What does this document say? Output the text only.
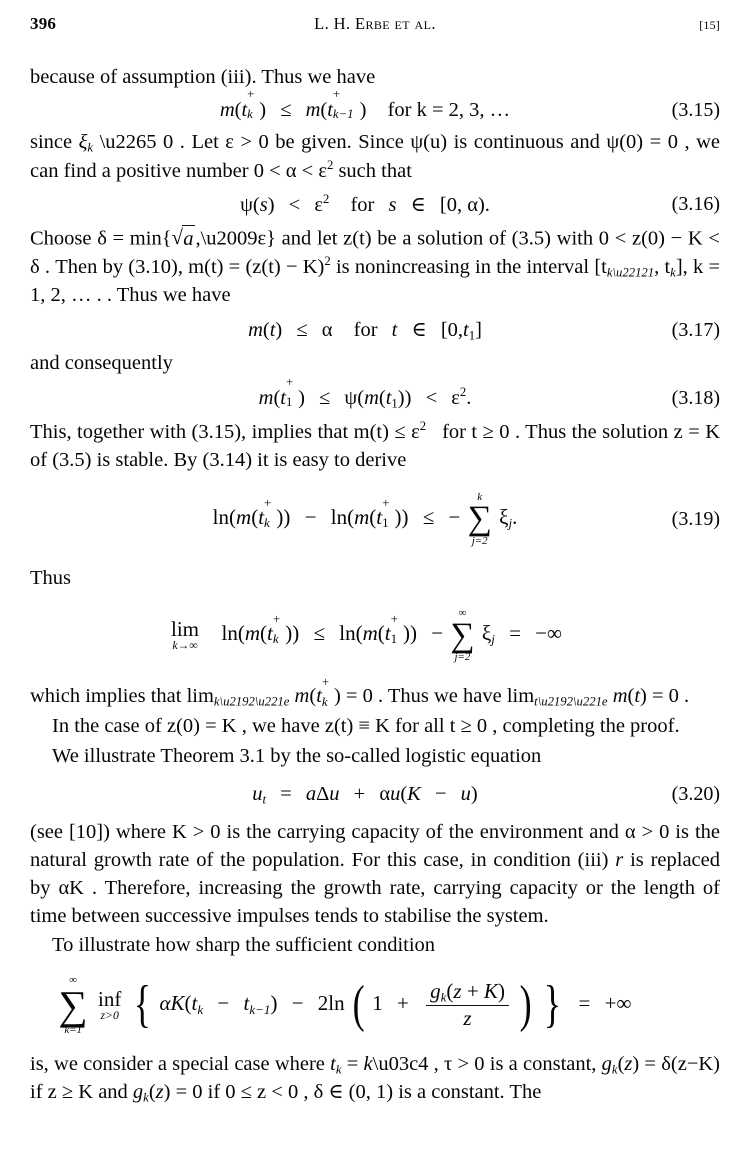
396	L. H. Erbe et al.	[15]

because of assumption (iii). Thus we have

m(t
+
k ) ≤ m(t
+
k−1 ) for k = 2, 3, …	(3.15)

since $\xi_k$ \u2265 0 . Let ε > 0 be given. Since ψ(u) is continuous and ψ(0) = 0 , we can find a positive number $0 < \alpha < \varepsilon^2$ such that

$\psi(s) < \varepsilon^2$ for s ∈ [0, α).	(3.16)

Choose δ = min{ √ a,\u2009ε} and let z(t) be a solution of (3.5) with 0 < z(0) − K < δ . Then by (3.10), $m(t) = (z(t) - K)^2$ is nonincreasing in the interval [$t_{k\backslash u22121}$, $t_k$], k = 1, 2, … . . Thus we have

m(t) ≤ α for t ∈ $[0,t_1]$	(3.17)

and consequently

m(t
+
1 ) ≤ $\psi(m(t_1)) < \varepsilon^2$.	(3.18)

This, together with (3.15), implies that $m(t) \le \varepsilon^2$ for t ≥ 0 . Thus the solution z = K of (3.5) is stable. By (3.14) it is easy to derive

ln(m(t
+
k )) − ln(m(t
+
1 )) ≤ −
k
∑
j=2
$\xi_j$.	(3.19)

Thus

lim
k→∞
ln(m(t
+
k )) ≤ ln(m(t
+
1 )) −
∞
∑
j=2
$\xi_j$ = −∞

which implies that $\lim_{k\backslash u2192\backslash u221e} m(t$
+
k ) = 0 . Thus we have $\lim_{t\backslash u2192\backslash u221e} m(t) = 0$ .

In the case of z(0) = K , we have z(t) ≡ K for all t ≥ 0 , completing the proof.

We illustrate Theorem 3.1 by the so-called logistic equation

$u_t = a\Delta u + \alpha u(K - u)$	(3.20)

(see [10]) where K > 0 is the carrying capacity of the environment and α > 0 is the natural growth rate of the population. For this case, in condition (iii) r is replaced by αK . Therefore, increasing the growth rate, carrying capacity or the length of time between successive impulses tends to stabilise the system.

To illustrate how sharp the sufficient condition

∞
∑
k=1

inf
z>0 { $\alpha K(t_k - t_{k-1}) - 2\ln$ ( $1 + \frac{g_k(z + K)}{z}$ ) } = +∞

is, we consider a special case where $t_k$ = k\u03c4 , τ > 0 is a constant, $g_k(z) = \delta(z-K)$ if z ≥ K and $g_k(z) = 0$ if 0 ≤ z < 0 , δ ∈ (0, 1) is a constant. The
